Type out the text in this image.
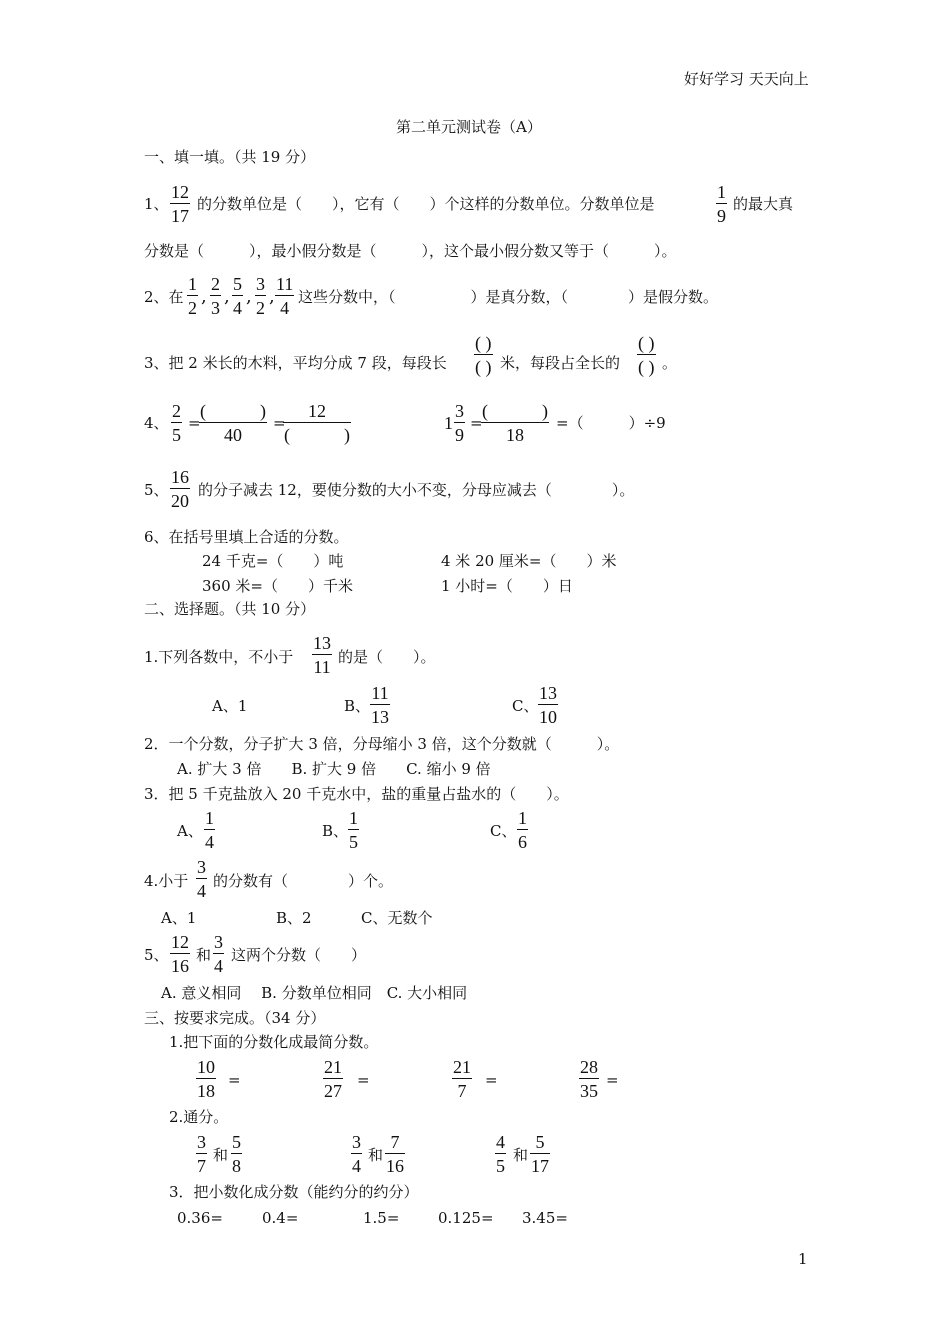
好好学习 天天向上
第二单元测试卷（A）
一、填一填。（共 19 分）
1、
12
17
的分数单位是（　　），它有（　　）个这样的分数单位。分数单位是
1
9
的最大真
分数是（　　　），最小假分数是（　　　），这个最小假分数又等于（　　　）。
2、在
1
2
,
2
3
,
5
4
,
3
2
,
11
4
这些分数中，（　　　　　）是真分数，（　　　　）是假分数。
3、把 2 米长的木料，平均分成 7 段，每段长
( )
( ) 米，每段占全长的
( )
( ) 。
4、
2
5
=
(　　　)
40
=
12
(　　　)
1
3
9
=
(　　　)
18
=（　　　）÷9
5、
16
20
的分子减去 12，要使分数的大小不变，分母应减去（　　　　）。
6、在括号里填上合适的分数。
24 千克=（　　）吨	4 米 20 厘米=（　　）米
360 米=（　　）千米	1 小时=（　　）日
二、选择题。（共 10 分）
1.下列各数中，不小于
13
11 的是（　　）。
A、1	B、
11
13
C、
13
10
2．一个分数，分子扩大 3 倍，分母缩小 3 倍，这个分数就（　　　）。
A. 扩大 3 倍　　B. 扩大 9 倍　　C. 缩小 9 倍
3．把 5 千克盐放入 20 千克水中，盐的重量占盐水的（　　）。
A、
1
4
B、
1
5
C、
1
6
4.小于
3
4 的分数有（　　　　）个。
A、1	B、2	C、无数个
5、
12
16
和
3
4
这两个分数（　　）
A. 意义相同　 B. 分数单位相同　C. 大小相同
三、按要求完成。（34 分）
1.把下面的分数化成最简分数。
10
18
=
21
27
=
21
7
=
28
35
=
2.通分。
3
7
和
5
8
3
4
和
7
16
4
5
和
5
17
3．把小数化成分数（能约分的约分）
0.36=	0.4=	1.5=	0.125= 3.45=
1
